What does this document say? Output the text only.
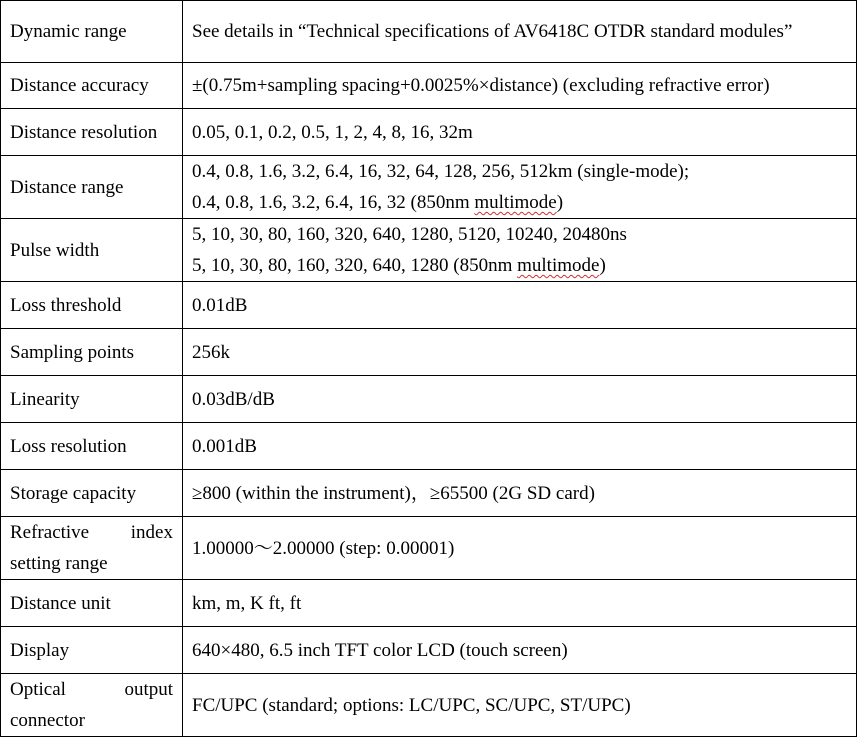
Dynamic range	See details in “Technical specifications of AV6418C OTDR standard modules”

Distance accuracy	±(0.75m+sampling spacing+0.0025%×distance) (excluding refractive error)

Distance resolution	0.05, 0.1, 0.2, 0.5, 1, 2, 4, 8, 16, 32m

Distance range	0.4, 0.8, 1.6, 3.2, 6.4, 16, 32, 64, 128, 256, 512km (single-mode);
0.4, 0.8, 1.6, 3.2, 6.4, 16, 32 (850nm multimode)

Pulse width	5, 10, 30, 80, 160, 320, 640, 1280, 5120, 10240, 20480ns
5, 10, 30, 80, 160, 320, 640, 1280 (850nm multimode)

Loss threshold	0.01dB

Sampling points	256k

Linearity	0.03dB/dB

Loss resolution	0.001dB

Storage capacity	≥800 (within the instrument)，≥65500 (2G SD card)

Refractive index setting range	1.00000～2.00000 (step: 0.00001)

Distance unit	km, m, K ft, ft

Display	640×480, 6.5 inch TFT color LCD (touch screen)

Optical output connector	FC/UPC (standard; options: LC/UPC, SC/UPC, ST/UPC)
